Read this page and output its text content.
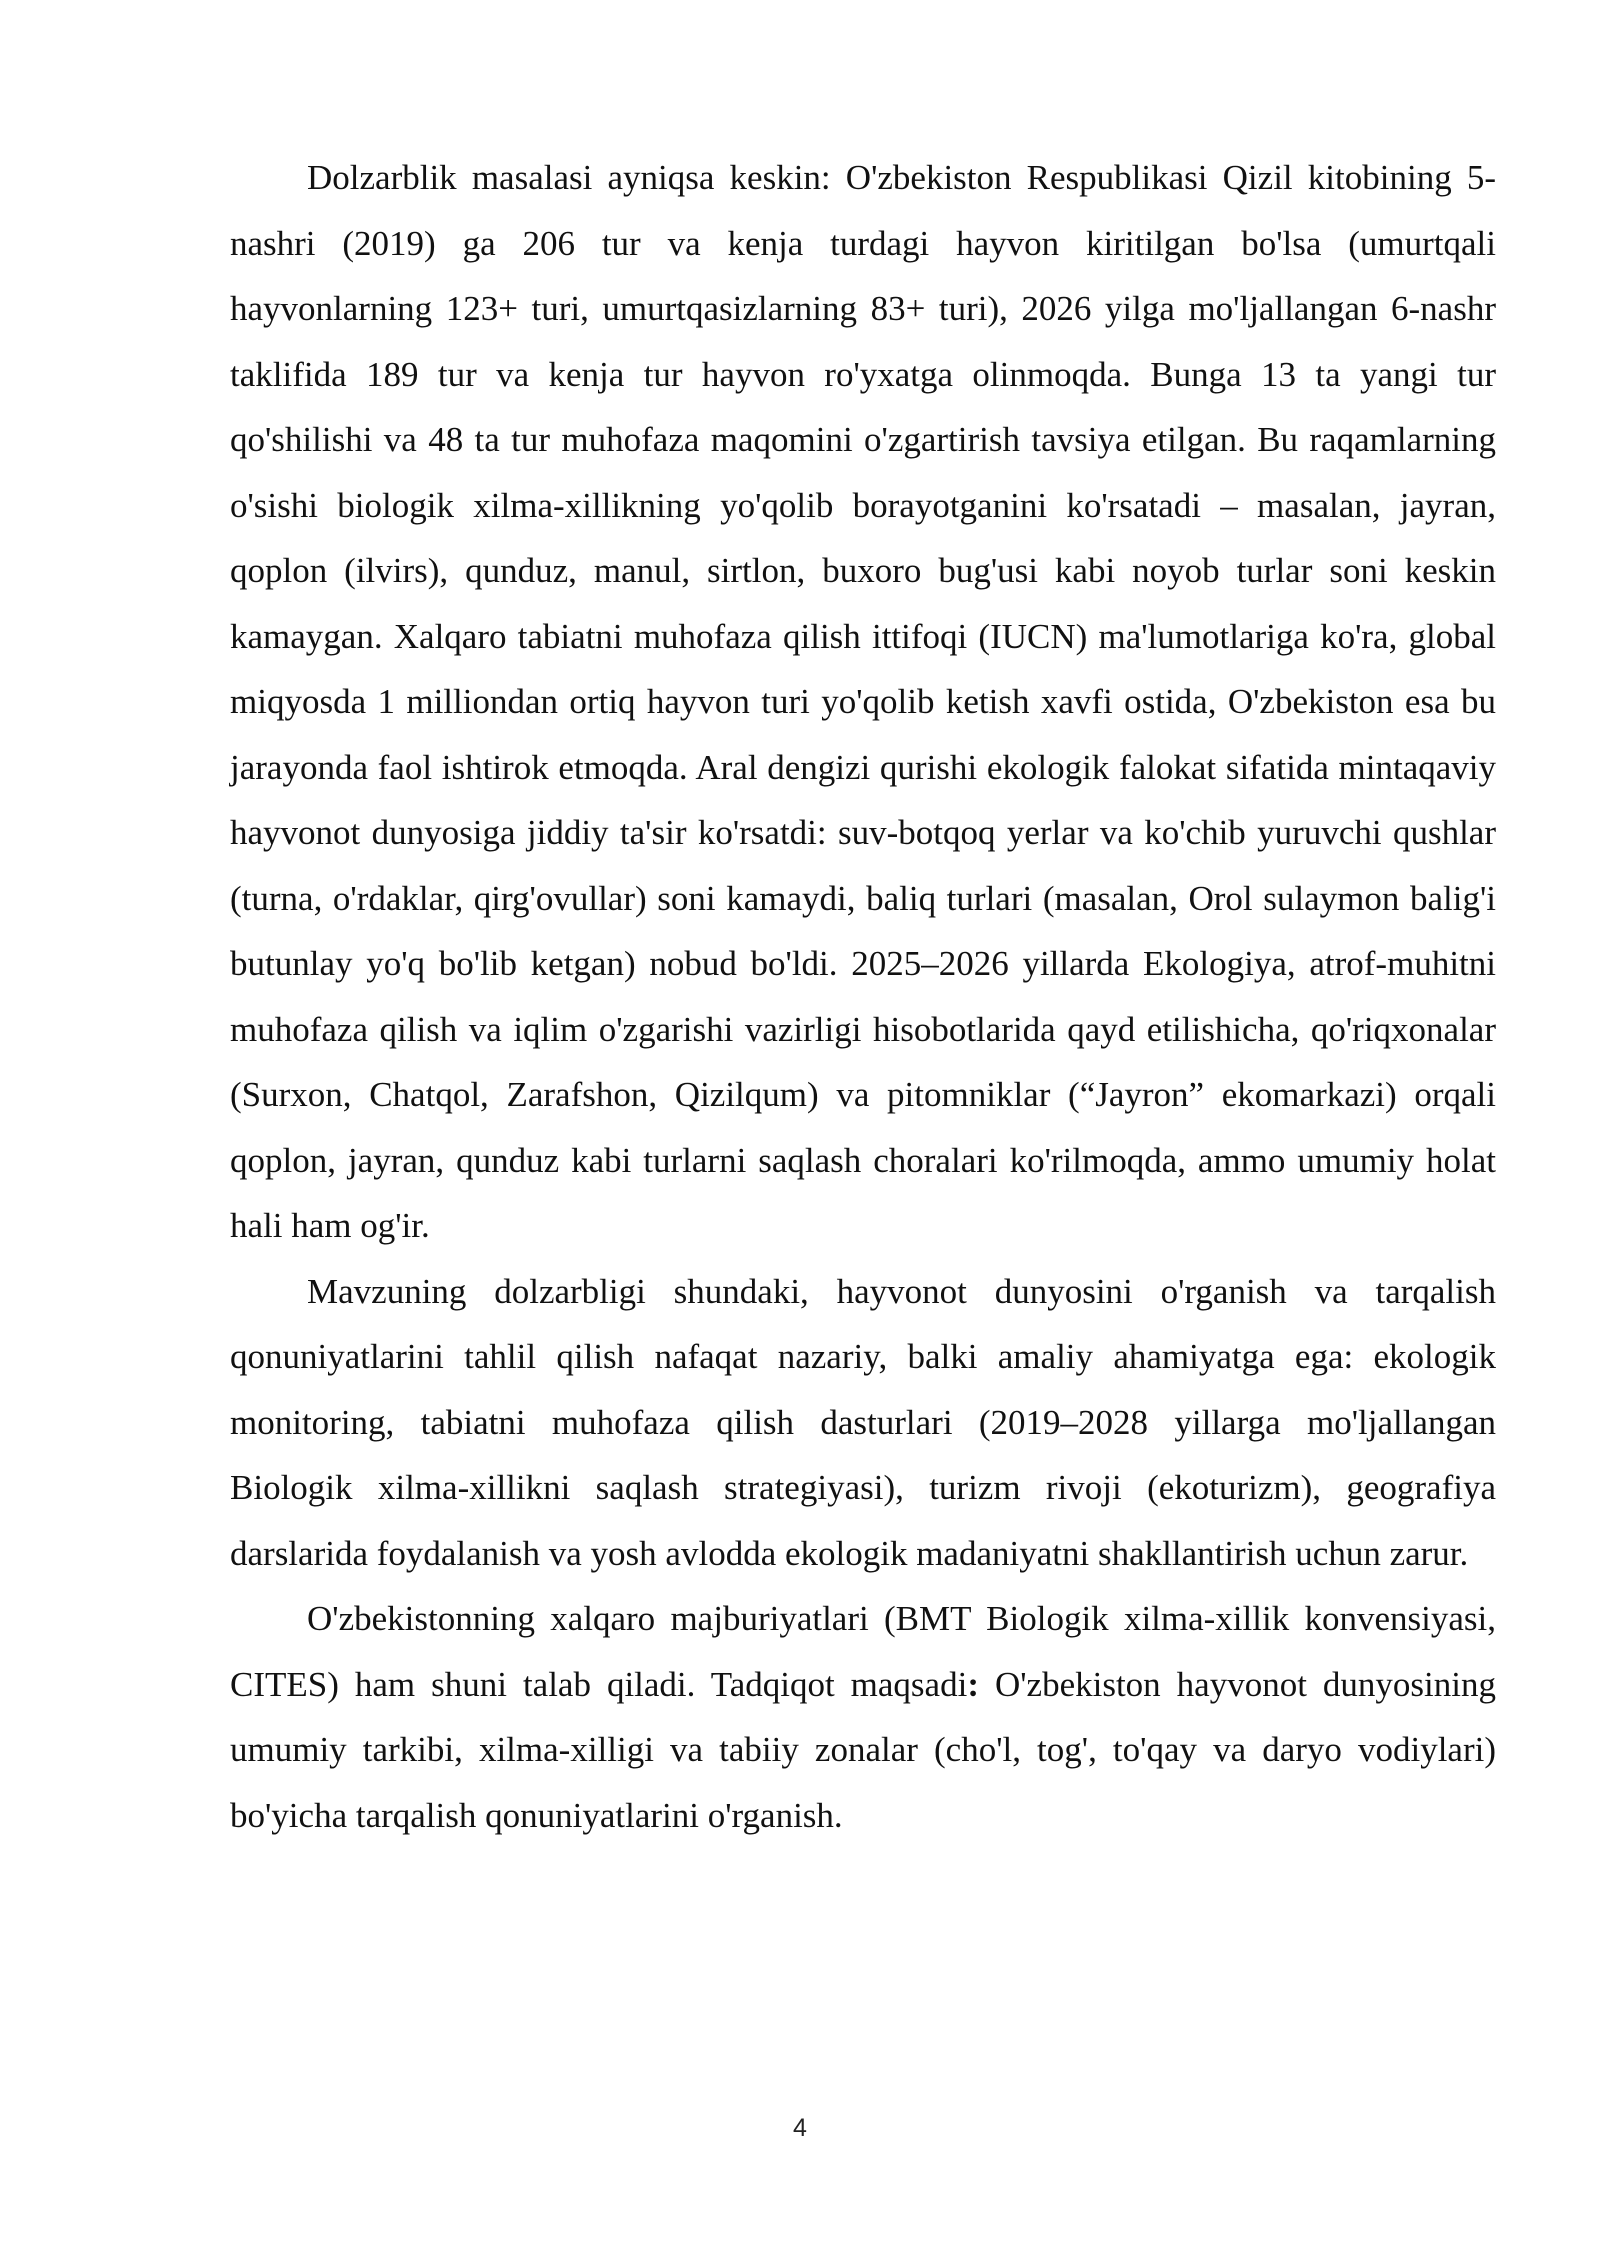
Dolzarblik masalasi ayniqsa keskin: O'zbekiston Respublikasi Qizil kitobining 5-nashri (2019) ga 206 tur va kenja turdagi hayvon kiritilgan bo'lsa (umurtqali hayvonlarning 123+ turi, umurtqasizlarning 83+ turi), 2026 yilga mo'ljallangan 6-nashr taklifida 189 tur va kenja tur hayvon ro'yxatga olinmoqda. Bunga 13 ta yangi tur qo'shilishi va 48 ta tur muhofaza maqomini o'zgartirish tavsiya etilgan. Bu raqamlarning o'sishi biologik xilma-xillikning yo'qolib borayotganini ko'rsatadi – masalan, jayran, qoplon (ilvirs), qunduz, manul, sirtlon, buxoro bug'usi kabi noyob turlar soni keskin kamaygan. Xalqaro tabiatni muhofaza qilish ittifoqi (IUCN) ma'lumotlariga ko'ra, global miqyosda 1 milliondan ortiq hayvon turi yo'qolib ketish xavfi ostida, O'zbekiston esa bu jarayonda faol ishtirok etmoqda. Aral dengizi qurishi ekologik falokat sifatida mintaqaviy hayvonot dunyosiga jiddiy ta'sir ko'rsatdi: suv-botqoq yerlar va ko'chib yuruvchi qushlar (turna, o'rdaklar, qirg'ovullar) soni kamaydi, baliq turlari (masalan, Orol sulaymon balig'i butunlay yo'q bo'lib ketgan) nobud bo'ldi. 2025–2026 yillarda Ekologiya, atrof-muhitni muhofaza qilish va iqlim o'zgarishi vazirligi hisobotlarida qayd etilishicha, qo'riqxonalar (Surxon, Chatqol, Zarafshon, Qizilqum) va pitomniklar (“Jayron” ekomarkazi) orqali qoplon, jayran, qunduz kabi turlarni saqlash choralari ko'rilmoqda, ammo umumiy holat hali ham og'ir.

Mavzuning dolzarbligi shundaki, hayvonot dunyosini o'rganish va tarqalish qonuniyatlarini tahlil qilish nafaqat nazariy, balki amaliy ahamiyatga ega: ekologik monitoring, tabiatni muhofaza qilish dasturlari (2019–2028 yillarga mo'ljallangan Biologik xilma-xillikni saqlash strategiyasi), turizm rivoji (ekoturizm), geografiya darslarida foydalanish va yosh avlodda ekologik madaniyatni shakllantirish uchun zarur.

O'zbekistonning xalqaro majburiyatlari (BMT Biologik xilma-xillik konvensiyasi, CITES) ham shuni talab qiladi. Tadqiqot maqsadi: O'zbekiston hayvonot dunyosining umumiy tarkibi, xilma-xilligi va tabiiy zonalar (cho'l, tog', to'qay va daryo vodiylari) bo'yicha tarqalish qonuniyatlarini o'rganish.

4
